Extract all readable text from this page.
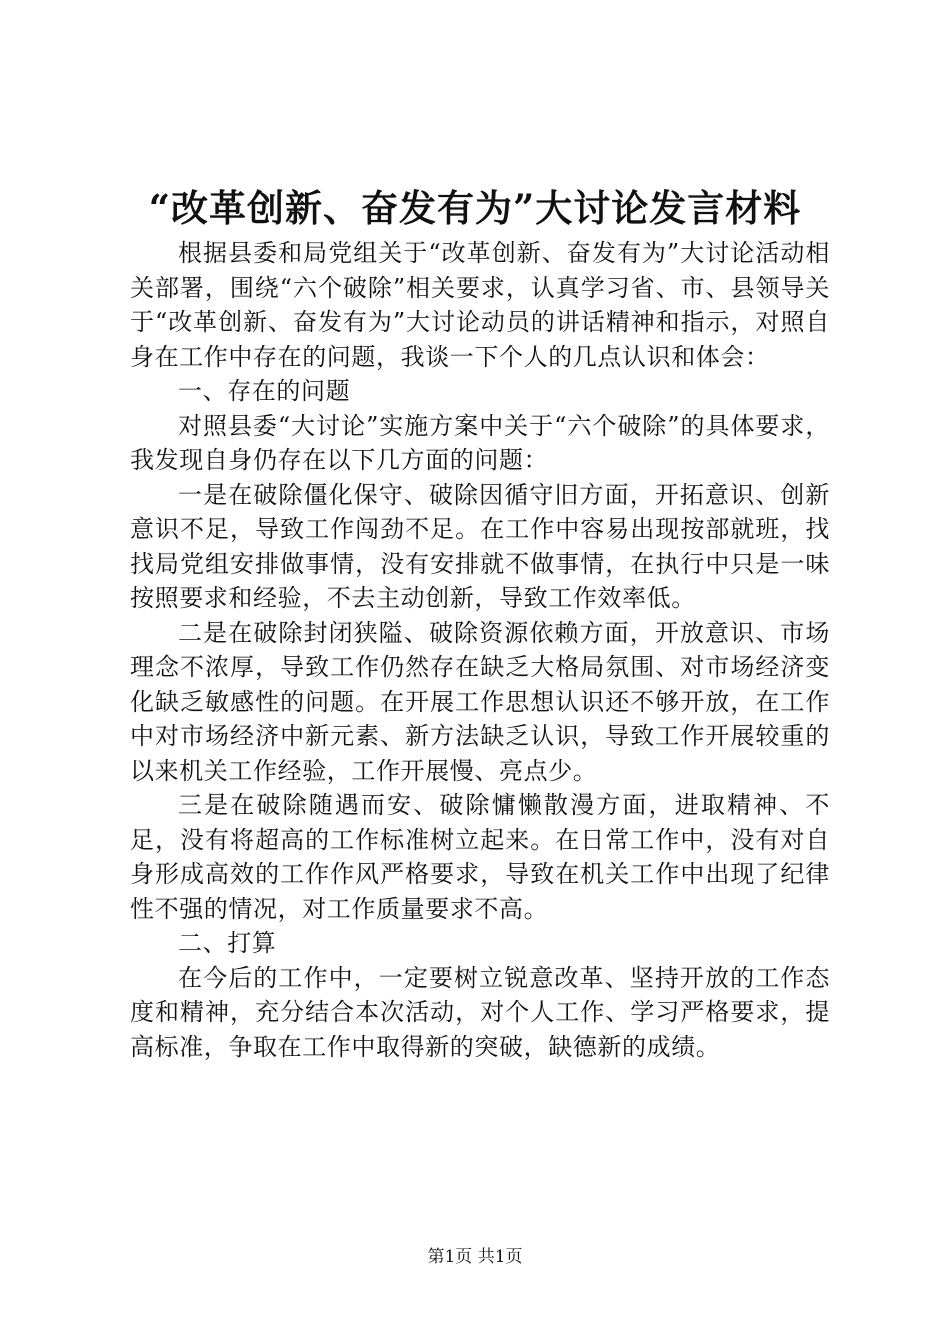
“改革创新、奋发有为”大讨论发言材料

根据县委和局党组关于“改革创新、奋发有为”大讨论活动相关部署，围绕“六个破除”相关要求，认真学习省、市、县领导关于“改革创新、奋发有为”大讨论动员的讲话精神和指示，对照自身在工作中存在的问题，我谈一下个人的几点认识和体会：

一、存在的问题

对照县委“大讨论”实施方案中关于“六个破除”的具体要求，我发现自身仍存在以下几方面的问题：

一是在破除僵化保守、破除因循守旧方面，开拓意识、创新意识不足，导致工作闯劲不足。在工作中容易出现按部就班，找找局党组安排做事情，没有安排就不做事情，在执行中只是一味按照要求和经验，不去主动创新，导致工作效率低。

二是在破除封闭狭隘、破除资源依赖方面，开放意识、市场理念不浓厚，导致工作仍然存在缺乏大格局氛围、对市场经济变化缺乏敏感性的问题。在开展工作思想认识还不够开放，在工作中对市场经济中新元素、新方法缺乏认识，导致工作开展较重的以来机关工作经验，工作开展慢、亮点少。

三是在破除随遇而安、破除慵懒散漫方面，进取精神、不足，没有将超高的工作标准树立起来。在日常工作中，没有对自身形成高效的工作作风严格要求，导致在机关工作中出现了纪律性不强的情况，对工作质量要求不高。

二、打算

在今后的工作中，一定要树立锐意改革、坚持开放的工作态度和精神，充分结合本次活动，对个人工作、学习严格要求，提高标准，争取在工作中取得新的突破，缺德新的成绩。

第1页 共1页
